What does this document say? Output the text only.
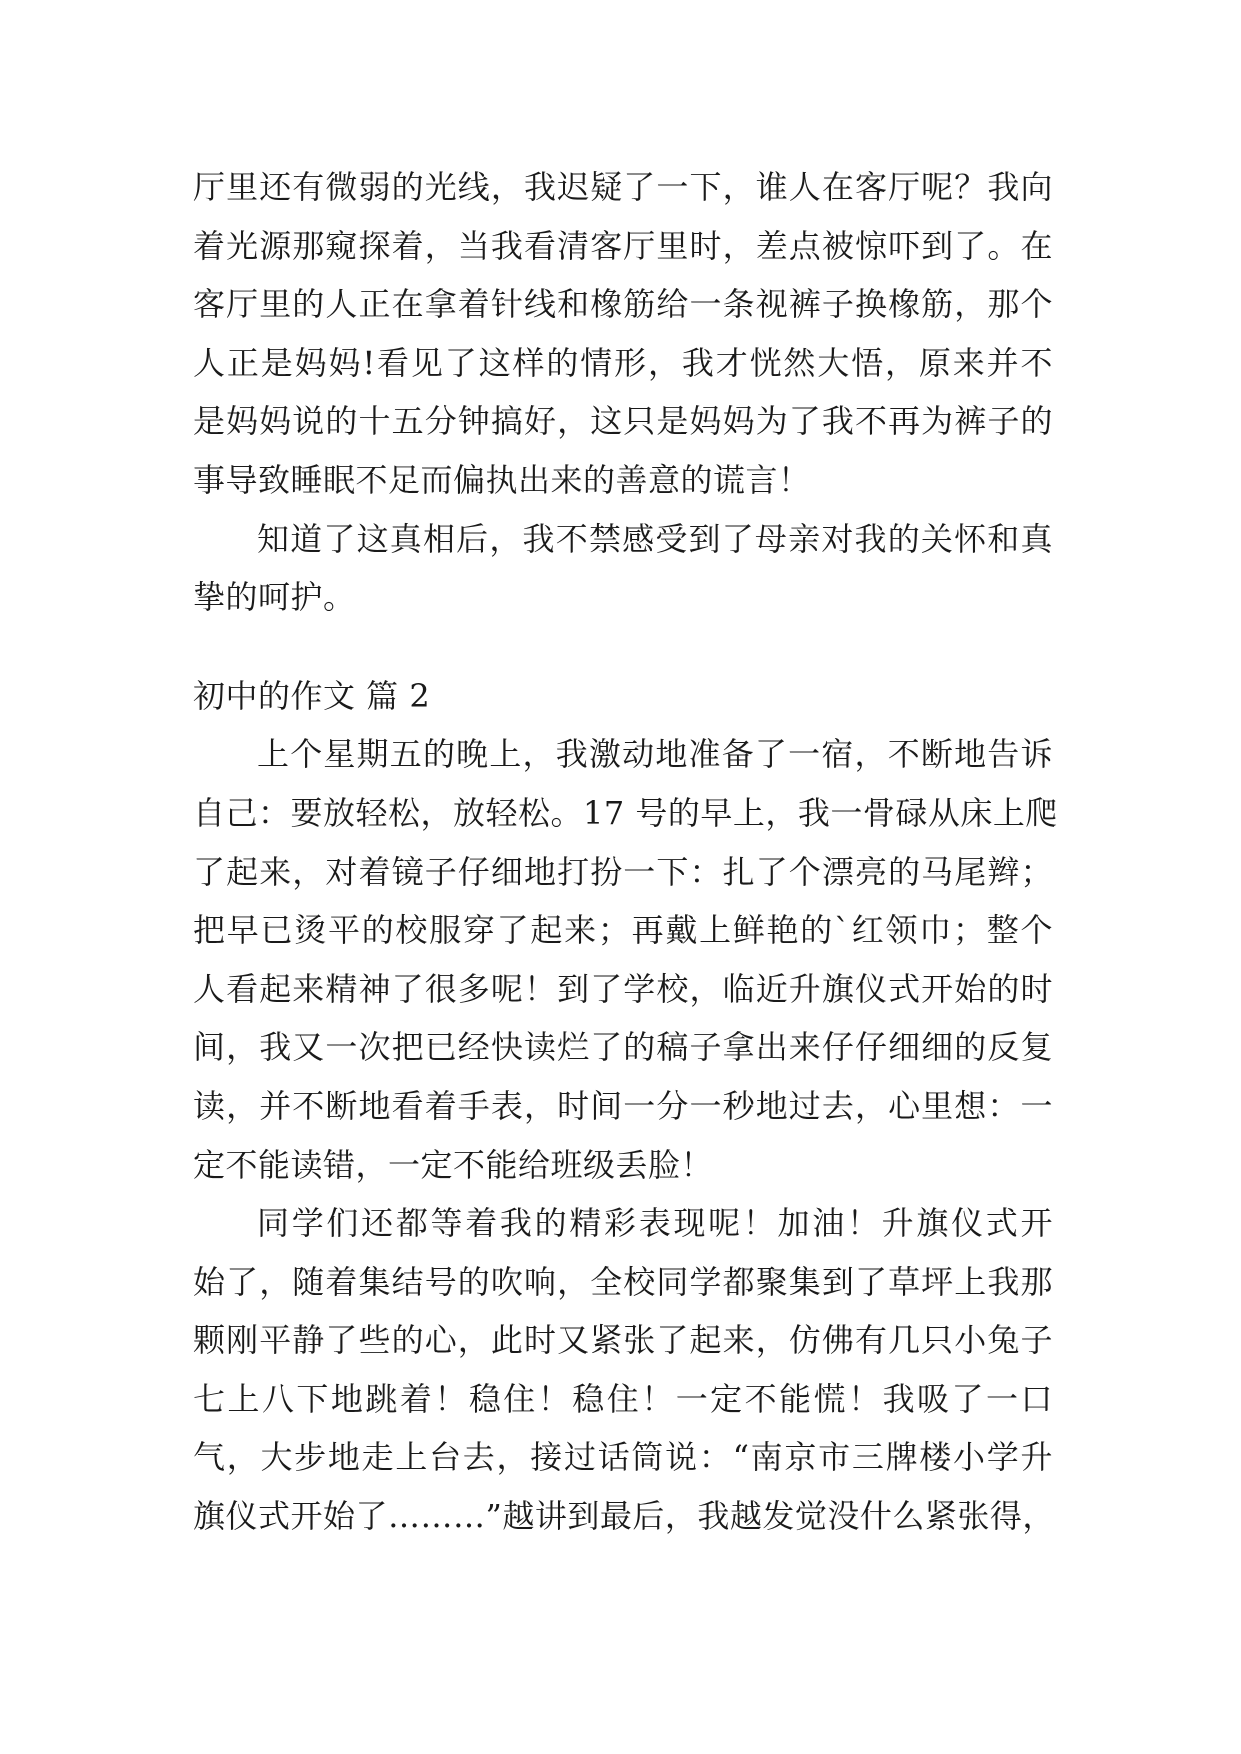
厅里还有微弱的光线，我迟疑了一下，谁人在客厅呢？我向
着光源那窥探着，当我看清客厅里时，差点被惊吓到了。在
客厅里的人正在拿着针线和橡筋给一条视裤子换橡筋，那个
人正是妈妈!看见了这样的情形，我才恍然大悟，原来并不
是妈妈说的十五分钟搞好，这只是妈妈为了我不再为裤子的
事导致睡眠不足而偏执出来的善意的谎言！
知道了这真相后，我不禁感受到了母亲对我的关怀和真
挚的呵护。
初中的作文 篇 2
上个星期五的晚上，我激动地准备了一宿，不断地告诉
自己：要放轻松，放轻松。17 号的早上，我一骨碌从床上爬
了起来，对着镜子仔细地打扮一下：扎了个漂亮的马尾辫；
把早已烫平的校服穿了起来；再戴上鲜艳的`红领巾；整个
人看起来精神了很多呢！到了学校，临近升旗仪式开始的时
间，我又一次把已经快读烂了的稿子拿出来仔仔细细的反复
读，并不断地看着手表，时间一分一秒地过去，心里想：一
定不能读错，一定不能给班级丢脸！
同学们还都等着我的精彩表现呢！加油！升旗仪式开
始了，随着集结号的吹响，全校同学都聚集到了草坪上我那
颗刚平静了些的心，此时又紧张了起来，仿佛有几只小兔子
七上八下地跳着！稳住！稳住！一定不能慌！我吸了一口
气，大步地走上台去，接过话筒说：“南京市三牌楼小学升
旗仪式开始了………”越讲到最后，我越发觉没什么紧张得，
